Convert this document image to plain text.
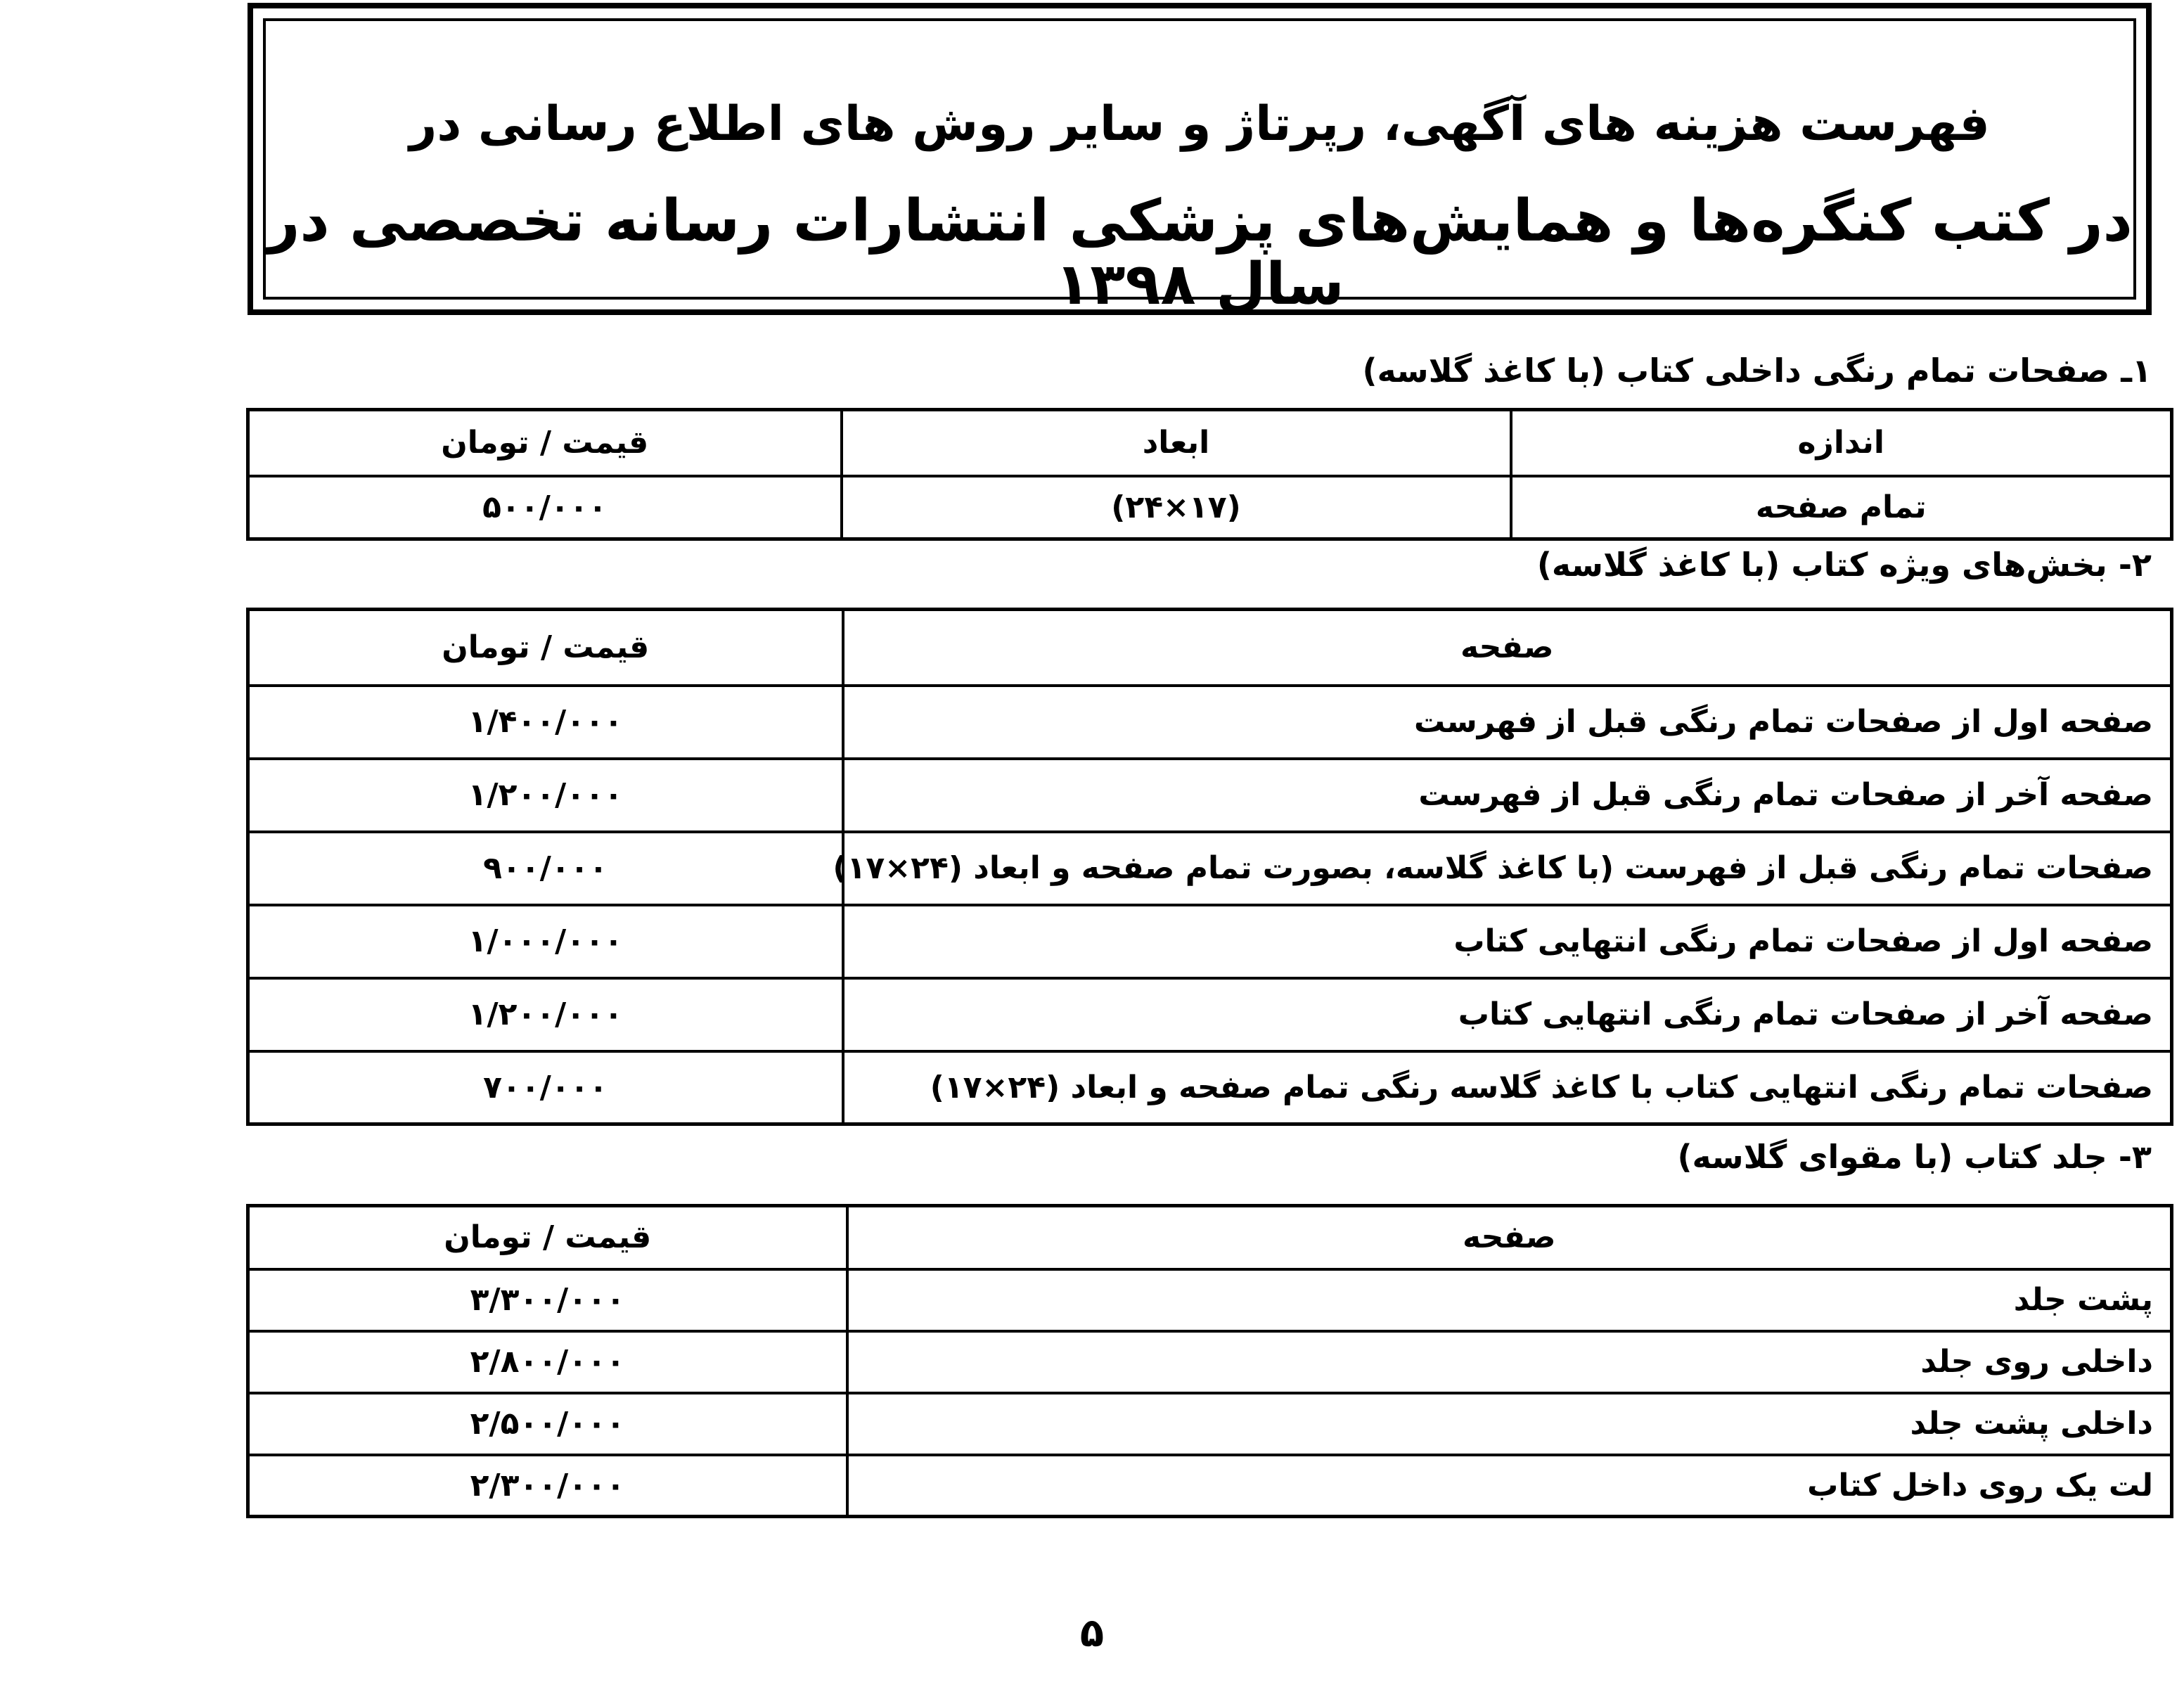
فهرست هزینه های آگهی، رپرتاژ و سایر روش های اطلاع رسانی در
در کتب کنگره‌ها و همایش‌های پزشکی انتشارات رسانه تخصصی در سال ۱۳۹۸
۱ـ صفحات تمام رنگی داخلی کتاب (با کاغذ گلاسه)
اندازه	ابعاد	قیمت / تومان
تمام صفحه	(۱۷×۲۴)	۵۰۰/۰۰۰
۲- بخش‌های ویژه کتاب (با کاغذ گلاسه)
صفحه	قیمت / تومان
صفحه اول از صفحات تمام رنگی قبل از فهرست	۱/۴۰۰/۰۰۰
صفحه آخر از صفحات تمام رنگی قبل از فهرست	۱/۲۰۰/۰۰۰
صفحات تمام رنگی قبل از فهرست (با کاغذ گلاسه، بصورت تمام صفحه و ابعاد (۲۴×۱۷)	۹۰۰/۰۰۰
صفحه اول از صفحات تمام رنگی انتهایی کتاب	۱/۰۰۰/۰۰۰
صفحه آخر از صفحات تمام رنگی انتهایی کتاب	۱/۲۰۰/۰۰۰
صفحات تمام رنگی انتهایی کتاب با کاغذ گلاسه رنگی تمام صفحه و ابعاد (۲۴×۱۷)	۷۰۰/۰۰۰
۳- جلد کتاب (با مقوای گلاسه)
صفحه	قیمت / تومان
پشت جلد	۳/۳۰۰/۰۰۰
داخلی روی جلد	۲/۸۰۰/۰۰۰
داخلی پشت جلد	۲/۵۰۰/۰۰۰
لت یک روی داخل کتاب	۲/۳۰۰/۰۰۰
۵
